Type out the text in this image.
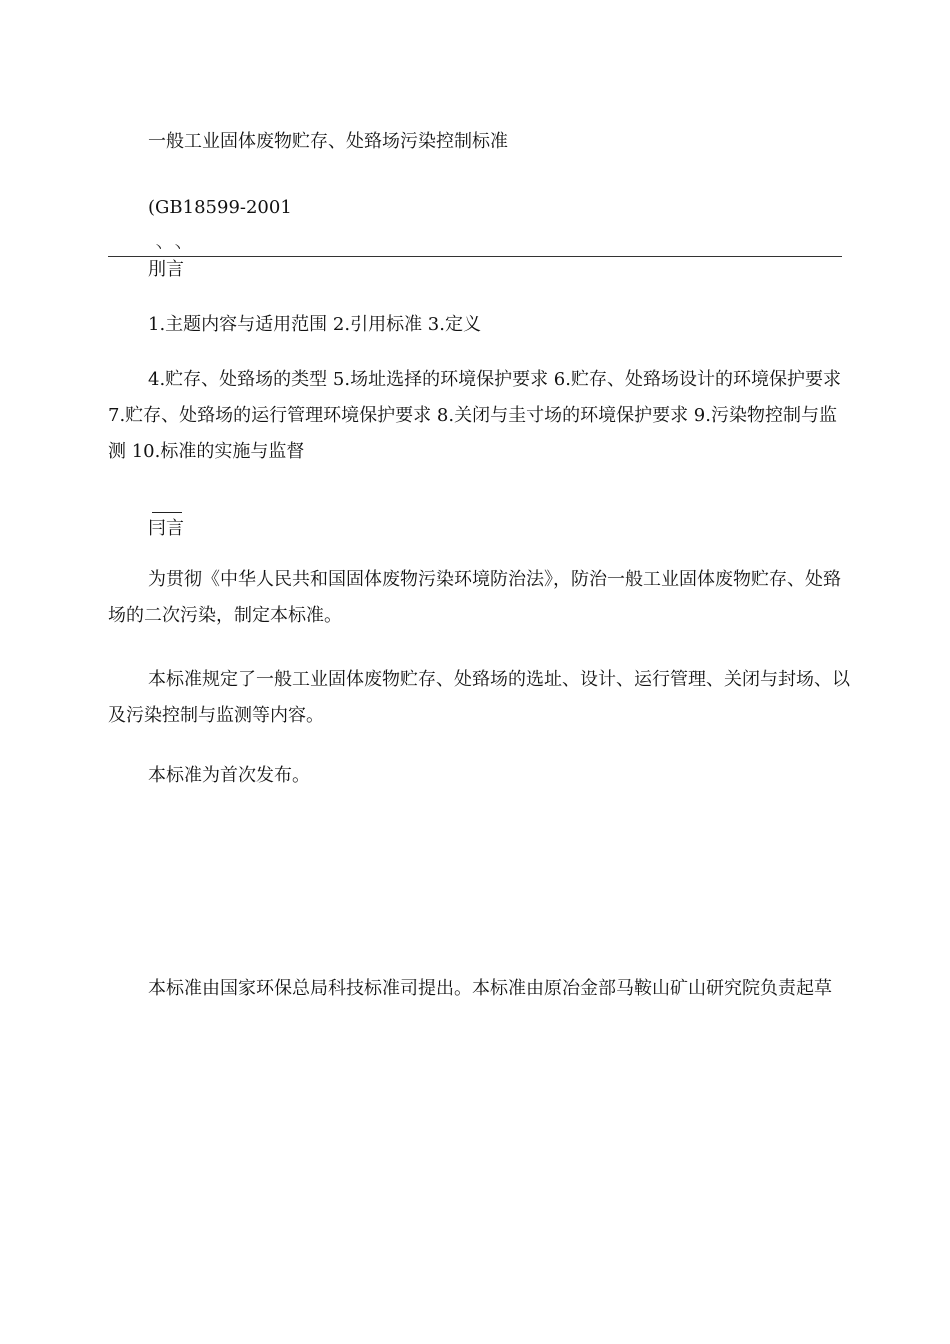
一般工业固体废物贮存、处臵场污染控制标准
(GB18599-2001
丶丶
刖言
1.主题内容与适用范围 2.引用标准 3.定义

4.贮存、处臵场的类型 5.场址选择的环境保护要求 6.贮存、处臵场设计的环境保护要求 7.贮存、处臵场的运行管理环境保护要求 8.关闭与圭寸场的环境保护要求 9.污染物控制与监测 10.标准的实施与监督

冃言

为贯彻《中华人民共和国固体废物污染环境防治法》，防治一般工业固体废物贮存、处臵场的二次污染，制定本标准。

本标准规定了一般工业固体废物贮存、处臵场的选址、设计、运行管理、关闭与封场、以及污染控制与监测等内容。

本标准为首次发布。

本标准由国家环保总局科技标准司提出。本标准由原冶金部马鞍山矿山研究院负责起草
